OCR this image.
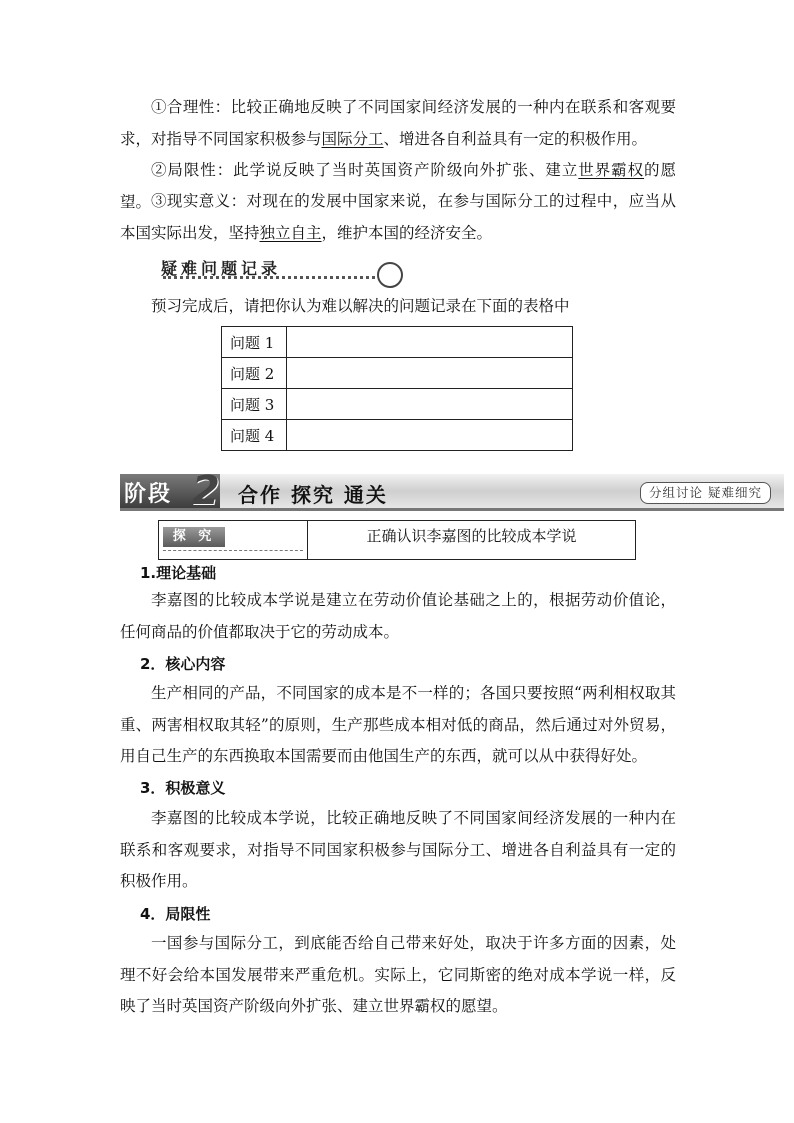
①合理性：比较正确地反映了不同国家间经济发展的一种内在联系和客观要求，对指导不同国家积极参与国际分工、增进各自利益具有一定的积极作用。

②局限性：此学说反映了当时英国资产阶级向外扩张、建立世界霸权的愿望。 ③现实意义：对现在的发展中国家来说，在参与国际分工的过程中，应当从本国实际出发，坚持独立自主，维护本国的经济安全。

疑难问题记录

预习完成后，请把你认为难以解决的问题记录在下面的表格中

问题 1	
问题 2	
问题 3	
问题 4	
阶段 2 合作 探究 通关	分组讨论 疑难细究
探 究	正确认识李嘉图的比较成本学说
1.理论基础

李嘉图的比较成本学说是建立在劳动价值论基础之上的，根据劳动价值论，任何商品的价值都取决于它的劳动成本。

2．核心内容

生产相同的产品，不同国家的成本是不一样的；各国只要按照“两利相权取其重、两害相权取其轻”的原则，生产那些成本相对低的商品，然后通过对外贸易，用自己生产的东西换取本国需要而由他国生产的东西，就可以从中获得好处。

3．积极意义

李嘉图的比较成本学说，比较正确地反映了不同国家间经济发展的一种内在联系和客观要求，对指导不同国家积极参与国际分工、增进各自利益具有一定的积极作用。

4．局限性

一国参与国际分工，到底能否给自己带来好处，取决于许多方面的因素，处理不好会给本国发展带来严重危机。实际上，它同斯密的绝对成本学说一样，反映了当时英国资产阶级向外扩张、建立世界霸权的愿望。
